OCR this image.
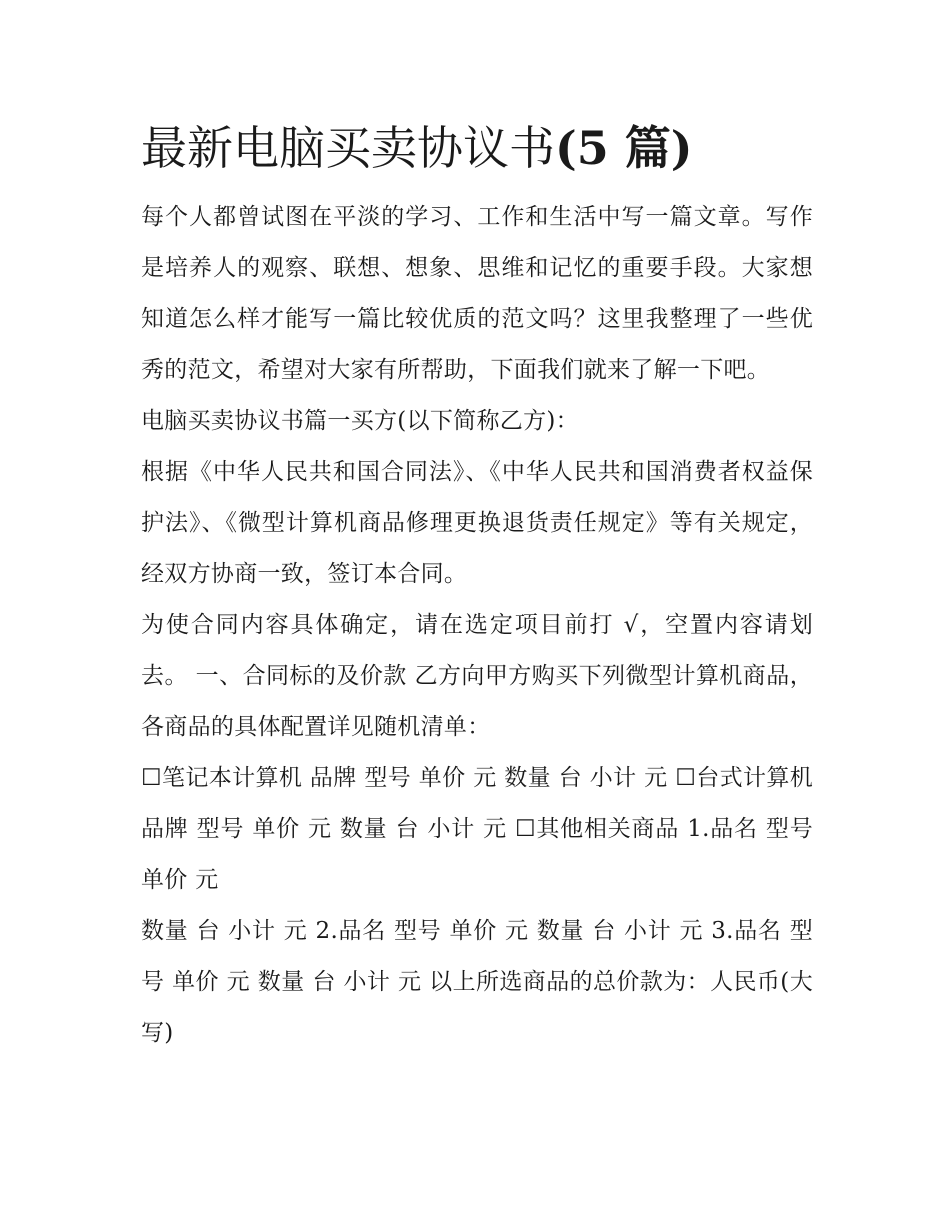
最新电脑买卖协议书(5 篇)

每个人都曾试图在平淡的学习、工作和生活中写一篇文章。写作是培养人的观察、联想、想象、思维和记忆的重要手段。大家想知道怎么样才能写一篇比较优质的范文吗？这里我整理了一些优秀的范文，希望对大家有所帮助，下面我们就来了解一下吧。

电脑买卖协议书篇一买方(以下简称乙方)：

根据《中华人民共和国合同法》、《中华人民共和国消费者权益保护法》、《微型计算机商品修理更换退货责任规定》等有关规定，经双方协商一致，签订本合同。

为使合同内容具体确定，请在选定项目前打 √，空置内容请划去。 一、合同标的及价款 乙方向甲方购买下列微型计算机商品，各商品的具体配置详见随机清单：

☐笔记本计算机 品牌 型号 单价 元 数量 台 小计 元 ☐台式计算机 品牌 型号 单价 元 数量 台 小计 元 ☐其他相关商品 1.品名 型号 单价 元

数量 台 小计 元 2.品名 型号 单价 元 数量 台 小计 元 3.品名 型号 单价 元 数量 台 小计 元 以上所选商品的总价款为：人民币(大写)
